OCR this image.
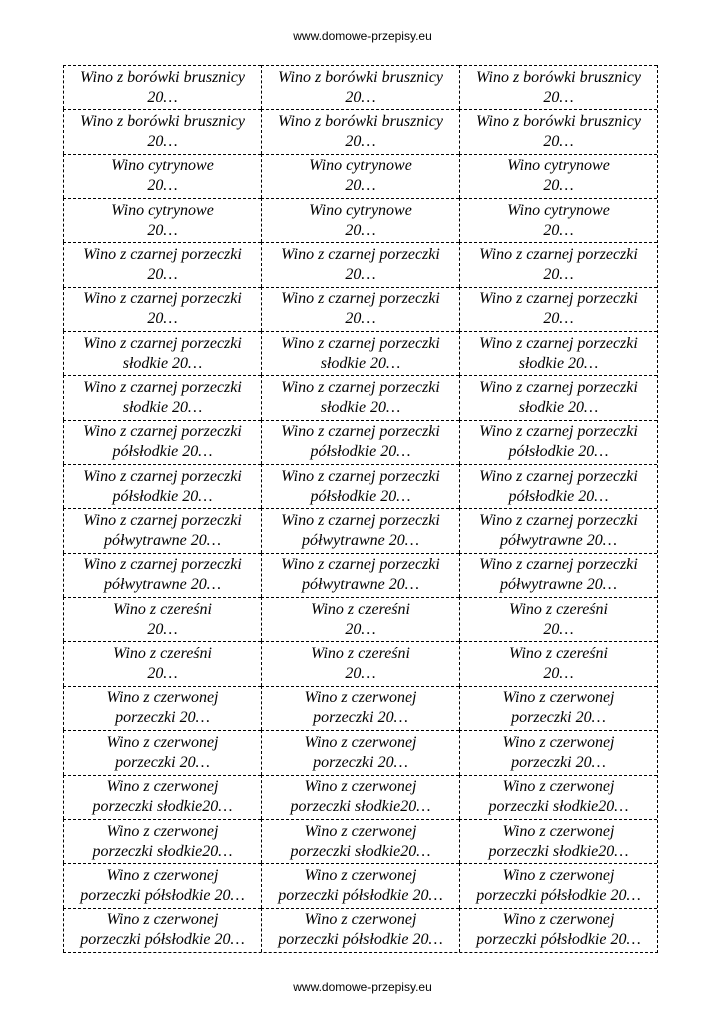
www.domowe-przepisy.eu
Wino z borówki brusznicy
20…
Wino z borówki brusznicy
20…
Wino z borówki brusznicy
20…
Wino z borówki brusznicy
20…
Wino z borówki brusznicy
20…
Wino z borówki brusznicy
20…
Wino cytrynowe
20…
Wino cytrynowe
20…
Wino cytrynowe
20…
Wino cytrynowe
20…
Wino cytrynowe
20…
Wino cytrynowe
20…
Wino z czarnej porzeczki
20…
Wino z czarnej porzeczki
20…
Wino z czarnej porzeczki
20…
Wino z czarnej porzeczki
20…
Wino z czarnej porzeczki
20…
Wino z czarnej porzeczki
20…
Wino z czarnej porzeczki
słodkie 20…
Wino z czarnej porzeczki
słodkie 20…
Wino z czarnej porzeczki
słodkie 20…
Wino z czarnej porzeczki
słodkie 20…
Wino z czarnej porzeczki
słodkie 20…
Wino z czarnej porzeczki
słodkie 20…
Wino z czarnej porzeczki
półsłodkie 20…
Wino z czarnej porzeczki
półsłodkie 20…
Wino z czarnej porzeczki
półsłodkie 20…
Wino z czarnej porzeczki
półsłodkie 20…
Wino z czarnej porzeczki
półsłodkie 20…
Wino z czarnej porzeczki
półsłodkie 20…
Wino z czarnej porzeczki
półwytrawne 20…
Wino z czarnej porzeczki
półwytrawne 20…
Wino z czarnej porzeczki
półwytrawne 20…
Wino z czarnej porzeczki
półwytrawne 20…
Wino z czarnej porzeczki
półwytrawne 20…
Wino z czarnej porzeczki
półwytrawne 20…
Wino z czereśni
20…
Wino z czereśni
20…
Wino z czereśni
20…
Wino z czereśni
20…
Wino z czereśni
20…
Wino z czereśni
20…
Wino z czerwonej
porzeczki 20…
Wino z czerwonej
porzeczki 20…
Wino z czerwonej
porzeczki 20…
Wino z czerwonej
porzeczki 20…
Wino z czerwonej
porzeczki 20…
Wino z czerwonej
porzeczki 20…
Wino z czerwonej
porzeczki słodkie20…
Wino z czerwonej
porzeczki słodkie20…
Wino z czerwonej
porzeczki słodkie20…
Wino z czerwonej
porzeczki słodkie20…
Wino z czerwonej
porzeczki słodkie20…
Wino z czerwonej
porzeczki słodkie20…
Wino z czerwonej
porzeczki półsłodkie 20…
Wino z czerwonej
porzeczki półsłodkie 20…
Wino z czerwonej
porzeczki półsłodkie 20…
Wino z czerwonej
porzeczki półsłodkie 20…
Wino z czerwonej
porzeczki półsłodkie 20…
Wino z czerwonej
porzeczki półsłodkie 20…
www.domowe-przepisy.eu
